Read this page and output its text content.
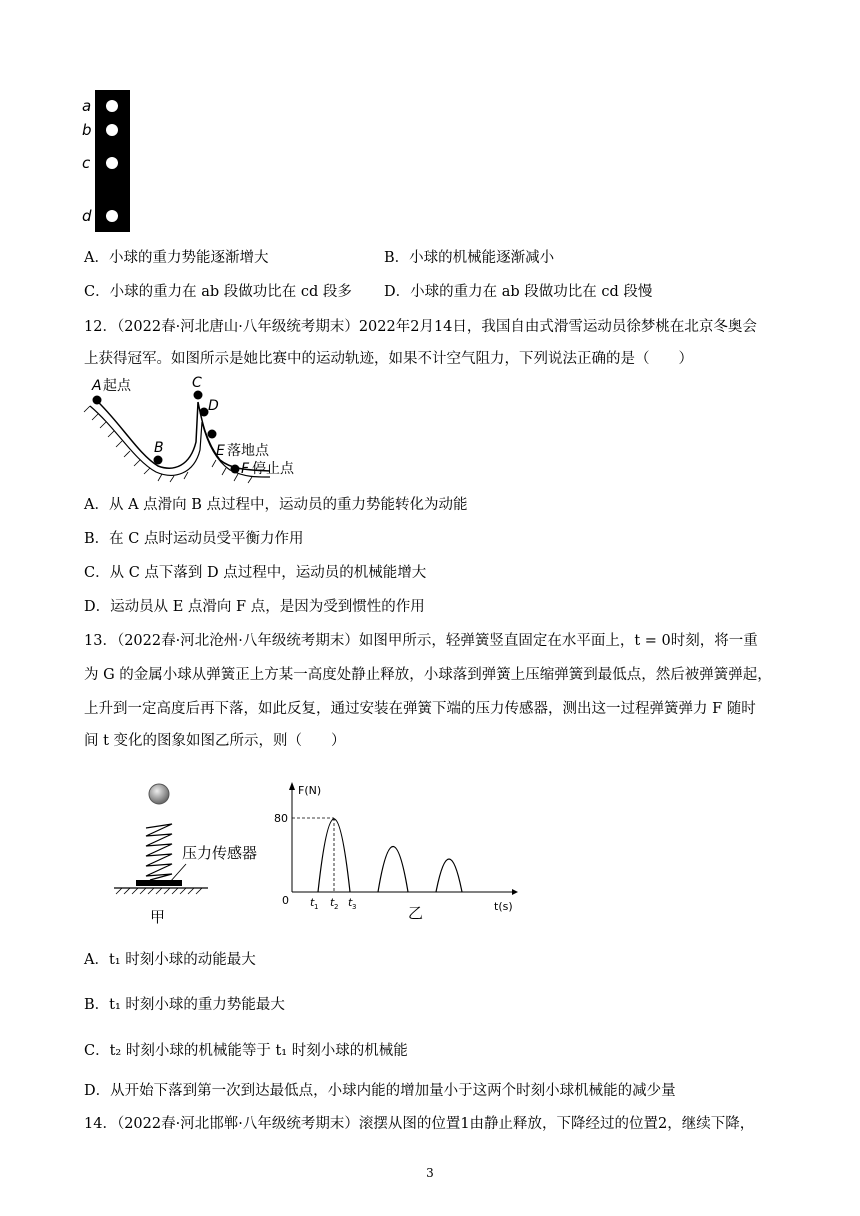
a
b
c
d
A．小球的重力势能逐渐增大	B．小球的机械能逐渐减小
C．小球的重力在 ab 段做功比在 cd 段多 D．小球的重力在 ab 段做功比在 cd 段慢
12．（2022春·河北唐山·八年级统考期末）2022年2月14日，我国自由式滑雪运动员徐梦桃在北京冬奥会
上获得冠军。如图所示是她比赛中的运动轨迹，如果不计空气阻力，下列说法正确的是（　　）
A 起点
B
C
D
E 落地点
F 停止点
A．从 A 点滑向 B 点过程中，运动员的重力势能转化为动能
B．在 C 点时运动员受平衡力作用
C．从 C 点下落到 D 点过程中，运动员的机械能增大
D．运动员从 E 点滑向 F 点，是因为受到惯性的作用
13．（2022春·河北沧州·八年级统考期末）如图甲所示，轻弹簧竖直固定在水平面上，t = 0时刻，将一重
为 G 的金属小球从弹簧正上方某一高度处静止释放，小球落到弹簧上压缩弹簧到最低点，然后被弹簧弹起，
上升到一定高度后再下落，如此反复，通过安装在弹簧下端的压力传感器，测出这一过程弹簧弹力 F 随时
间 t 变化的图象如图乙所示，则（　　）
压力传感器
甲
F(N)
80
0 t 1 t 2 t 3	t(s)
乙
A．t₁ 时刻小球的动能最大
B．t₁ 时刻小球的重力势能最大
C．t₂ 时刻小球的机械能等于 t₁ 时刻小球的机械能
D．从开始下落到第一次到达最低点，小球内能的增加量小于这两个时刻小球机械能的减少量
14．（2022春·河北邯郸·八年级统考期末）滚摆从图的位置1由静止释放，下降经过的位置2，继续下降，
3
